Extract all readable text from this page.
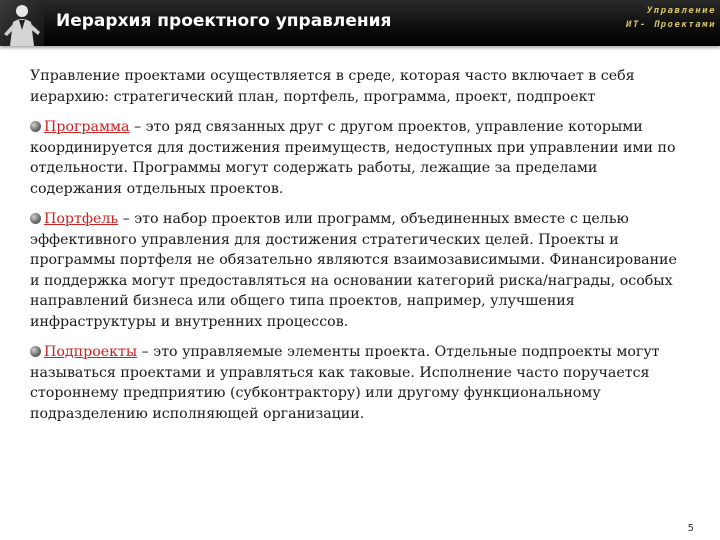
Иерархия проектного управления	Управление
ИТ- Проектами

Управление проектами осуществляется в среде, которая часто включает в себя иерархию: стратегический план, портфель, программа, проект, подпроект

Программа – это ряд связанных друг с другом проектов, управление которыми координируется для достижения преимуществ, недоступных при управлении ими по отдельности. Программы могут содержать работы, лежащие за пределами содержания отдельных проектов.

Портфель – это набор проектов или программ, объединенных вместе с целью эффективного управления для достижения стратегических целей. Проекты и программы портфеля не обязательно являются взаимозависимыми. Финансирование и поддержка могут предоставляться на основании категорий риска/награды, особых направлений бизнеса или общего типа проектов, например, улучшения инфраструктуры и внутренних процессов.

Подпроекты – это управляемые элементы проекта. Отдельные подпроекты могут называться проектами и управляться как таковые. Исполнение часто поручается стороннему предприятию (субконтрактору) или другому функциональному подразделению исполняющей организации.

5
